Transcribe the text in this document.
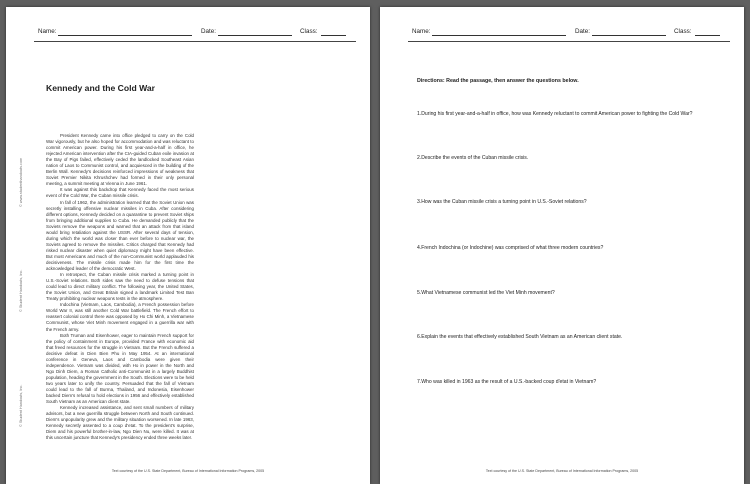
Name:	Date:	Class:
Kennedy and the Cold War
© www.studenthandouts.com
© Student Handouts, Inc.
© Student Handouts, Inc.

President Kennedy came into office pledged to carry on the Cold War vigorously, but he also hoped for accommodation and was reluctant to commit American power. During his first year-and-a-half in office, he rejected American intervention after the CIA-guided Cuban exile invasion at the Bay of Pigs failed, effectively ceded the landlocked Southeast Asian nation of Laos to Communist control, and acquiesced in the building of the Berlin Wall. Kennedy's decisions reinforced impressions of weakness that Soviet Premier Nikita Khrushchev had formed in their only personal meeting, a summit meeting at Vienna in June 1961.

It was against this backdrop that Kennedy faced the most serious event of the Cold War, the Cuban missile crisis.

In fall of 1962, the administration learned that the Soviet Union was secretly installing offensive nuclear missiles in Cuba. After considering different options, Kennedy decided on a quarantine to prevent Soviet ships from bringing additional supplies to Cuba. He demanded publicly that the Soviets remove the weapons and warned that an attack from that island would bring retaliation against the USSR. After several days of tension, during which the world was closer than ever before to nuclear war, the Soviets agreed to remove the missiles. Critics charged that Kennedy had risked nuclear disaster when quiet diplomacy might have been effective. But most Americans and much of the non-Communist world applauded his decisiveness. The missile crisis made him for the first time the acknowledged leader of the democratic West.

In retrospect, the Cuban missile crisis marked a turning point in U.S.-Soviet relations. Both sides saw the need to defuse tensions that could lead to direct military conflict. The following year, the United States, the Soviet Union, and Great Britain signed a landmark Limited Test Ban Treaty prohibiting nuclear weapons tests in the atmosphere.

Indochina (Vietnam, Laos, Cambodia), a French possession before World War II, was still another Cold War battlefield. The French effort to reassert colonial control there was opposed by Ho Chi Minh, a Vietnamese Communist, whose Viet Minh movement engaged in a guerrilla war with the French army.

Both Truman and Eisenhower, eager to maintain French support for the policy of containment in Europe, provided France with economic aid that freed resources for the struggle in Vietnam. But the French suffered a decisive defeat in Dien Bien Phu in May 1954. At an international conference in Geneva, Laos and Cambodia were given their independence. Vietnam was divided, with Ho in power in the North and Ngo Dinh Diem, a Roman Catholic anti-Communist in a largely Buddhist population, heading the government in the South. Elections were to be held two years later to unify the country. Persuaded that the fall of Vietnam could lead to the fall of Burma, Thailand, and Indonesia, Eisenhower backed Diem's refusal to hold elections in 1956 and effectively established South Vietnam as an American client state.

Kennedy increased assistance, and sent small numbers of military advisors, but a new guerrilla struggle between North and South continued. Diem's unpopularity grew and the military situation worsened. In late 1963, Kennedy secretly assented to a coup d'etat. To the president's surprise, Diem and his powerful brother-in-law, Ngo Dien Nu, were killed. It was at this uncertain juncture that Kennedy's presidency ended three weeks later.

Text courtesy of the U.S. State Department, Bureau of International Information Programs, 2005
Name:	Date:	Class:
Directions: Read the passage, then answer the questions below.
1.During his first year-and-a-half in office, how was Kennedy reluctant to commit American power to fighting the Cold War?
2.Describe the events of the Cuban missile crisis.
3.How was the Cuban missile crisis a turning point in U.S.-Soviet relations?
4.French Indochina (or Indochine) was comprised of what three modern countries?
5.What Vietnamese communist led the Viet Minh movement?
6.Explain the events that effectively established South Vietnam as an American client state.
7.Who was killed in 1963 as the result of a U.S.-backed coup d'etat in Vietnam?
Text courtesy of the U.S. State Department, Bureau of International Information Programs, 2005
